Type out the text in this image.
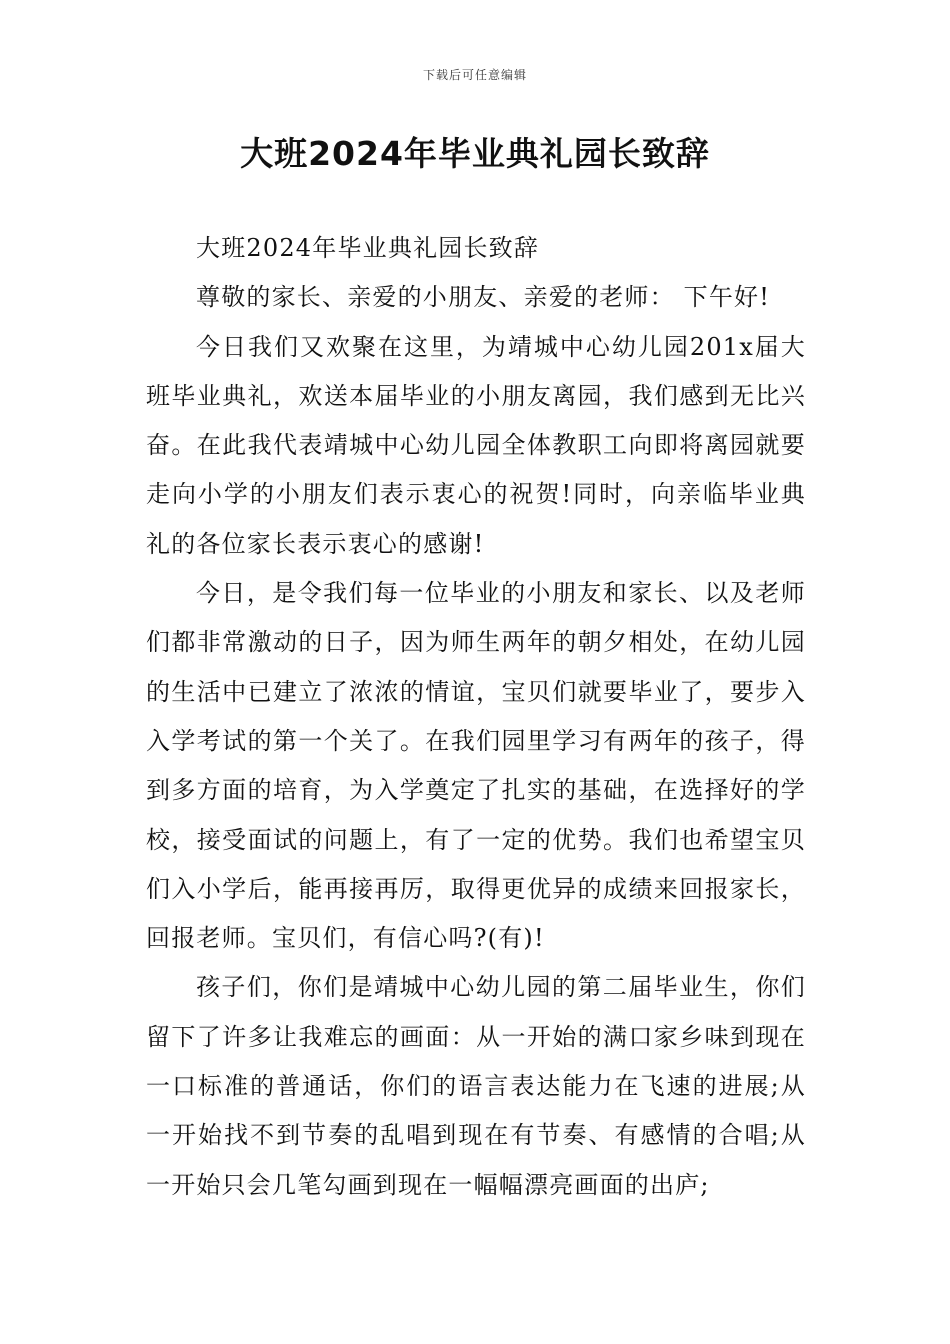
下载后可任意编辑
大班2024年毕业典礼园长致辞

大班2024年毕业典礼园长致辞

尊敬的家长、亲爱的小朋友、亲爱的老师： 下午好!

今日我们又欢聚在这里，为靖城中心幼儿园201x届大班毕业典礼，欢送本届毕业的小朋友离园，我们感到无比兴奋。在此我代表靖城中心幼儿园全体教职工向即将离园就要走向小学的小朋友们表示衷心的祝贺!同时，向亲临毕业典礼的各位家长表示衷心的感谢!

今日，是令我们每一位毕业的小朋友和家长、以及老师们都非常激动的日子，因为师生两年的朝夕相处，在幼儿园的生活中已建立了浓浓的情谊，宝贝们就要毕业了，要步入入学考试的第一个关了。在我们园里学习有两年的孩子，得到多方面的培育，为入学奠定了扎实的基础，在选择好的学校，接受面试的问题上，有了一定的优势。我们也希望宝贝们入小学后，能再接再厉，取得更优异的成绩来回报家长，回报老师。宝贝们，有信心吗?(有)!

孩子们，你们是靖城中心幼儿园的第二届毕业生，你们留下了许多让我难忘的画面：从一开始的满口家乡味到现在一口标准的普通话，你们的语言表达能力在飞速的进展;从一开始找不到节奏的乱唱到现在有节奏、有感情的合唱;从一开始只会几笔勾画到现在一幅幅漂亮画面的出庐;
